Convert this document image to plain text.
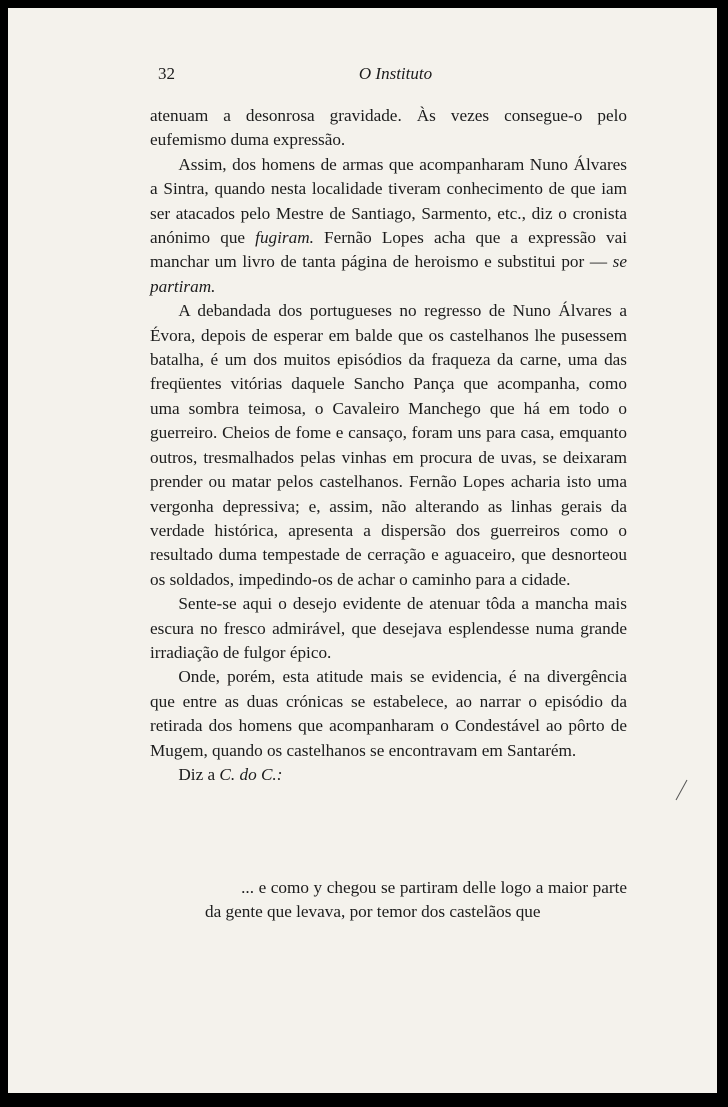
32	O Instituto

atenuam a desonrosa gravidade. Às vezes consegue-o pelo eufemismo duma expressão.

Assim, dos homens de armas que acompanharam Nuno Álvares a Sintra, quando nesta localidade tiveram conhecimento de que iam ser atacados pelo Mestre de Santiago, Sarmento, etc., diz o cronista anónimo que fugiram. Fernão Lopes acha que a expressão vai manchar um livro de tanta página de heroismo e substitui por — se partiram.

A debandada dos portugueses no regresso de Nuno Álvares a Évora, depois de esperar em balde que os castelhanos lhe pusessem batalha, é um dos muitos episódios da fraqueza da carne, uma das freqüentes vitórias daquele Sancho Pança que acompanha, como uma sombra teimosa, o Cavaleiro Manchego que há em todo o guerreiro. Cheios de fome e cansaço, foram uns para casa, emquanto outros, tresmalhados pelas vinhas em procura de uvas, se deixaram prender ou matar pelos castelhanos. Fernão Lopes acharia isto uma vergonha depressiva; e, assim, não alterando as linhas gerais da verdade histórica, apresenta a dispersão dos guerreiros como o resultado duma tempestade de cerração e aguaceiro, que desnorteou os soldados, impedindo-os de achar o caminho para a cidade.

Sente-se aqui o desejo evidente de atenuar tôda a mancha mais escura no fresco admirável, que desejava esplendesse numa grande irradiação de fulgor épico.

Onde, porém, esta atitude mais se evidencia, é na divergência que entre as duas crónicas se estabelece, ao narrar o episódio da retirada dos homens que acompanharam o Condestável ao pôrto de Mugem, quando os castelhanos se encontravam em Santarém.

Diz a C. do C.:

... e como y chegou se partiram delle logo a maior parte da gente que levava, por temor dos castelãos que
